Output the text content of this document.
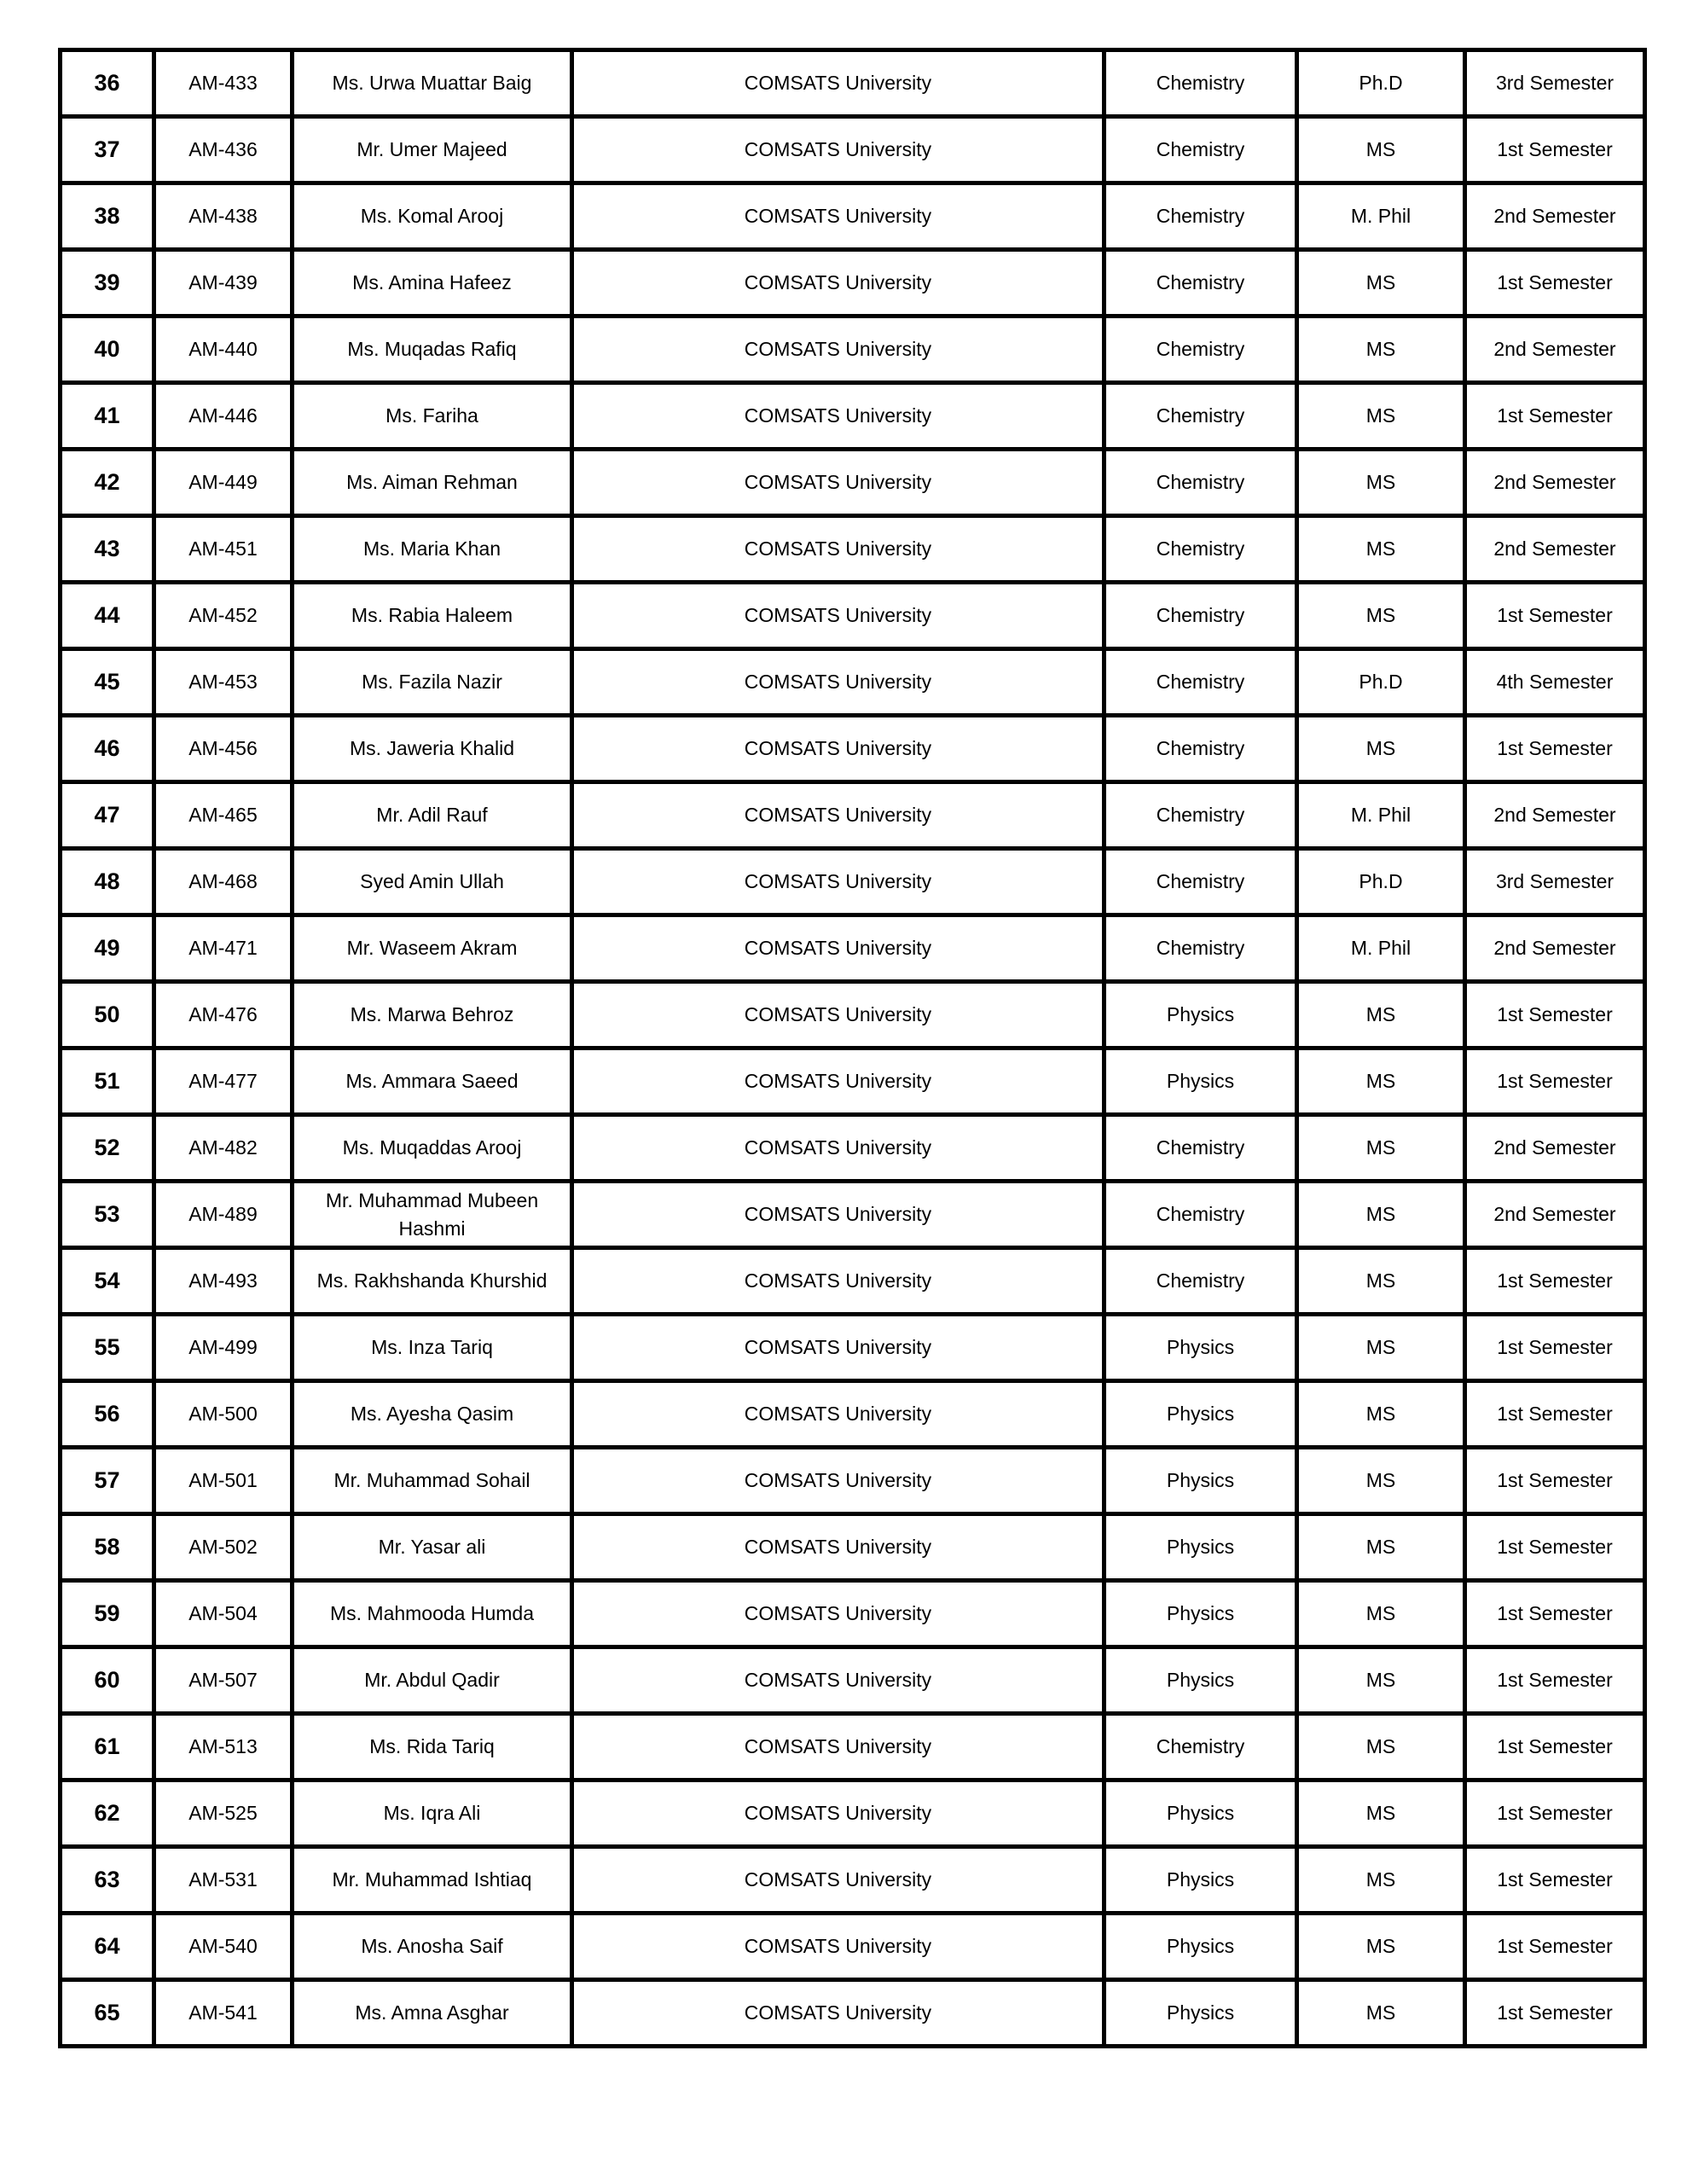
36	AM-433	Ms. Urwa Muattar Baig	COMSATS University	Chemistry	Ph.D	3rd Semester
37	AM-436	Mr. Umer Majeed	COMSATS University	Chemistry	MS	1st Semester
38	AM-438	Ms. Komal Arooj	COMSATS University	Chemistry	M. Phil	2nd Semester
39	AM-439	Ms. Amina Hafeez	COMSATS University	Chemistry	MS	1st Semester
40	AM-440	Ms. Muqadas Rafiq	COMSATS University	Chemistry	MS	2nd Semester
41	AM-446	Ms. Fariha	COMSATS University	Chemistry	MS	1st Semester
42	AM-449	Ms. Aiman Rehman	COMSATS University	Chemistry	MS	2nd Semester
43	AM-451	Ms. Maria Khan	COMSATS University	Chemistry	MS	2nd Semester
44	AM-452	Ms. Rabia Haleem	COMSATS University	Chemistry	MS	1st Semester
45	AM-453	Ms. Fazila Nazir	COMSATS University	Chemistry	Ph.D	4th Semester
46	AM-456	Ms. Jaweria Khalid	COMSATS University	Chemistry	MS	1st Semester
47	AM-465	Mr. Adil Rauf	COMSATS University	Chemistry	M. Phil	2nd Semester
48	AM-468	Syed Amin Ullah	COMSATS University	Chemistry	Ph.D	3rd Semester
49	AM-471	Mr. Waseem Akram	COMSATS University	Chemistry	M. Phil	2nd Semester
50	AM-476	Ms. Marwa Behroz	COMSATS University	Physics	MS	1st Semester
51	AM-477	Ms. Ammara Saeed	COMSATS University	Physics	MS	1st Semester
52	AM-482	Ms. Muqaddas Arooj	COMSATS University	Chemistry	MS	2nd Semester
53	AM-489	Mr. Muhammad Mubeen Hashmi	COMSATS University	Chemistry	MS	2nd Semester
54	AM-493	Ms. Rakhshanda Khurshid	COMSATS University	Chemistry	MS	1st Semester
55	AM-499	Ms. Inza Tariq	COMSATS University	Physics	MS	1st Semester
56	AM-500	Ms. Ayesha Qasim	COMSATS University	Physics	MS	1st Semester
57	AM-501	Mr. Muhammad Sohail	COMSATS University	Physics	MS	1st Semester
58	AM-502	Mr. Yasar ali	COMSATS University	Physics	MS	1st Semester
59	AM-504	Ms. Mahmooda Humda	COMSATS University	Physics	MS	1st Semester
60	AM-507	Mr. Abdul Qadir	COMSATS University	Physics	MS	1st Semester
61	AM-513	Ms. Rida Tariq	COMSATS University	Chemistry	MS	1st Semester
62	AM-525	Ms. Iqra Ali	COMSATS University	Physics	MS	1st Semester
63	AM-531	Mr. Muhammad Ishtiaq	COMSATS University	Physics	MS	1st Semester
64	AM-540	Ms. Anosha Saif	COMSATS University	Physics	MS	1st Semester
65	AM-541	Ms. Amna Asghar	COMSATS University	Physics	MS	1st Semester
